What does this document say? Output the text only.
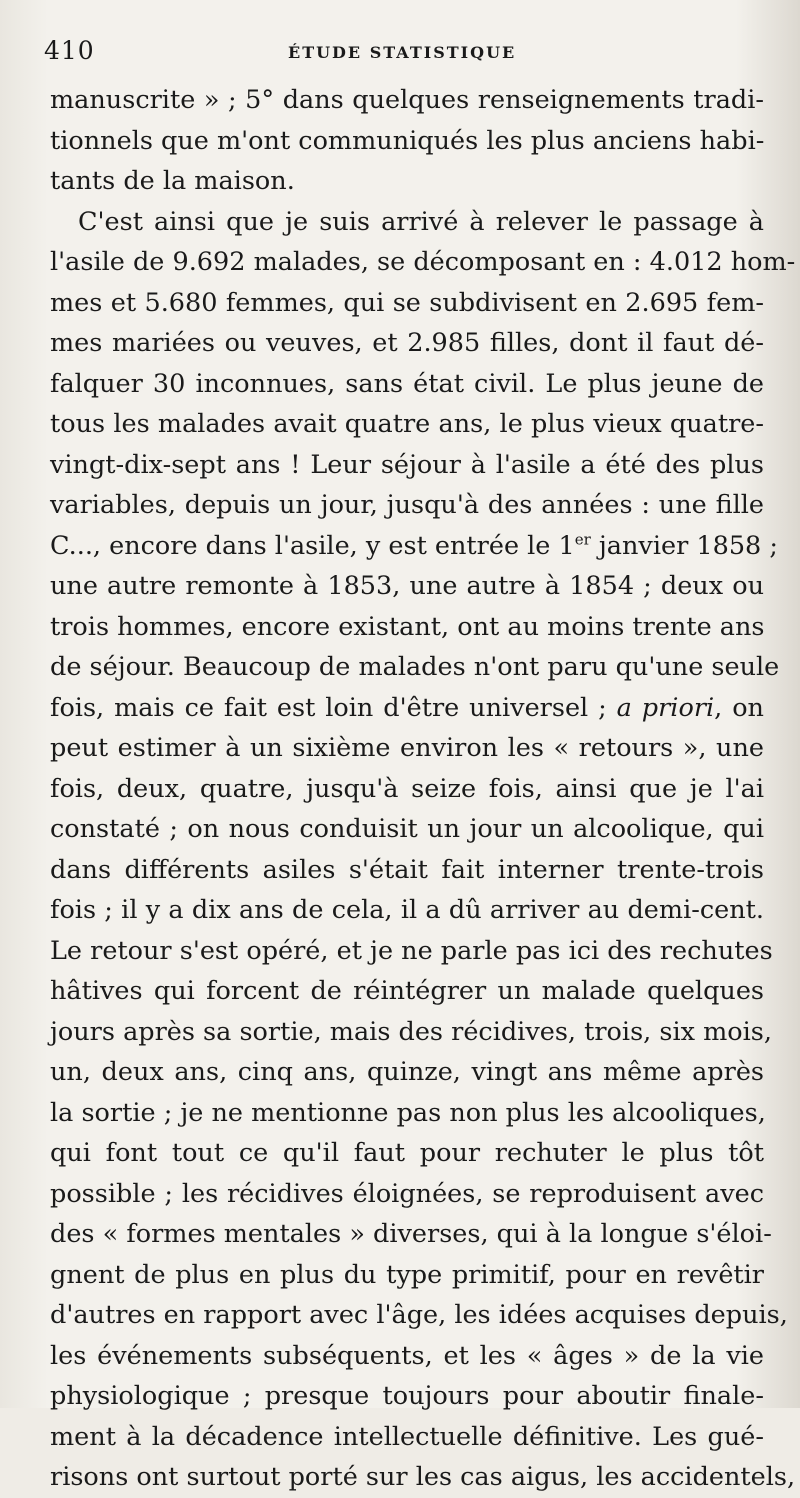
410	ÉTUDE STATISTIQUE
manuscrite » ; 5° dans quelques renseignements tradi-
tionnels que m'ont communiqués les plus anciens habi-
tants de la maison.
C'est ainsi que je suis arrivé à relever le passage à
l'asile de 9.692 malades, se décomposant en : 4.012 hom-
mes et 5.680 femmes, qui se subdivisent en 2.695 fem-
mes mariées ou veuves, et 2.985 filles, dont il faut dé-
falquer 30 inconnues, sans état civil. Le plus jeune de
tous les malades avait quatre ans, le plus vieux quatre-
vingt-dix-sept ans ! Leur séjour à l'asile a été des plus
variables, depuis un jour, jusqu'à des années : une fille
C..., encore dans l'asile, y est entrée le 1er janvier 1858 ;
une autre remonte à 1853, une autre à 1854 ; deux ou
trois hommes, encore existant, ont au moins trente ans
de séjour. Beaucoup de malades n'ont paru qu'une seule
fois, mais ce fait est loin d'être universel ; a priori, on
peut estimer à un sixième environ les « retours », une
fois, deux, quatre, jusqu'à seize fois, ainsi que je l'ai
constaté ; on nous conduisit un jour un alcoolique, qui
dans différents asiles s'était fait interner trente-trois
fois ; il y a dix ans de cela, il a dû arriver au demi-cent.
Le retour s'est opéré, et je ne parle pas ici des rechutes
hâtives qui forcent de réintégrer un malade quelques
jours après sa sortie, mais des récidives, trois, six mois,
un, deux ans, cinq ans, quinze, vingt ans même après
la sortie ; je ne mentionne pas non plus les alcooliques,
qui font tout ce qu'il faut pour rechuter le plus tôt
possible ; les récidives éloignées, se reproduisent avec
des « formes mentales » diverses, qui à la longue s'éloi-
gnent de plus en plus du type primitif, pour en revêtir
d'autres en rapport avec l'âge, les idées acquises depuis,
les événements subséquents, et les « âges » de la vie
physiologique ; presque toujours pour aboutir finale-
ment à la décadence intellectuelle définitive. Les gué-
risons ont surtout porté sur les cas aigus, les accidentels,
